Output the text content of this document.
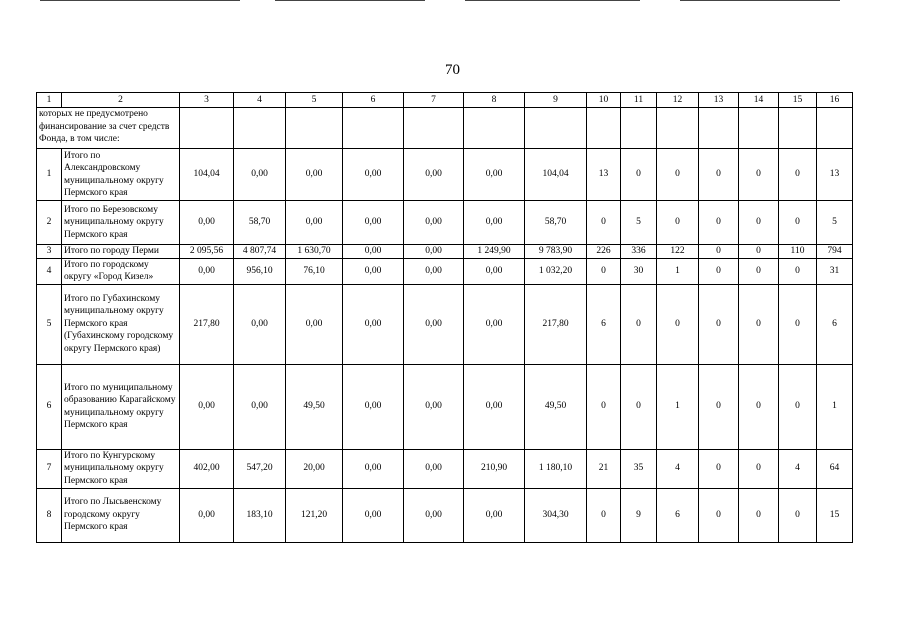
70
1	2	3	4	5	6	7	8	9	10	11	12	13	14	15	16
которых не предусмотрено финансирование за счет средств Фонда, в том числе:															
1	Итого по Александровскому муниципальному округу Пермского края	104,04	0,00	0,00	0,00	0,00	0,00	104,04	13	0	0	0	0	0	13
2	Итого по Березовскому муниципальному округу Пермского края	0,00	58,70	0,00	0,00	0,00	0,00	58,70	0	5	0	0	0	0	5
3	Итого по городу Перми	2 095,56	4 807,74	1 630,70	0,00	0,00	1 249,90	9 783,90	226	336	122	0	0	110	794
4	Итого по городскому округу «Город Кизел»	0,00	956,10	76,10	0,00	0,00	0,00	1 032,20	0	30	1	0	0	0	31
5	Итого по Губахинскому муниципальному округу Пермского края (Губахинскому городскому округу Пермского края)	217,80	0,00	0,00	0,00	0,00	0,00	217,80	6	0	0	0	0	0	6
6	Итого по муниципальному образованию Карагайскому муниципальному округу Пермского края	0,00	0,00	49,50	0,00	0,00	0,00	49,50	0	0	1	0	0	0	1
7	Итого по Кунгурскому муниципальному округу Пермского края	402,00	547,20	20,00	0,00	0,00	210,90	1 180,10	21	35	4	0	0	4	64
8	Итого по Лысьвенскому городскому округу Пермского края	0,00	183,10	121,20	0,00	0,00	0,00	304,30	0	9	6	0	0	0	15
